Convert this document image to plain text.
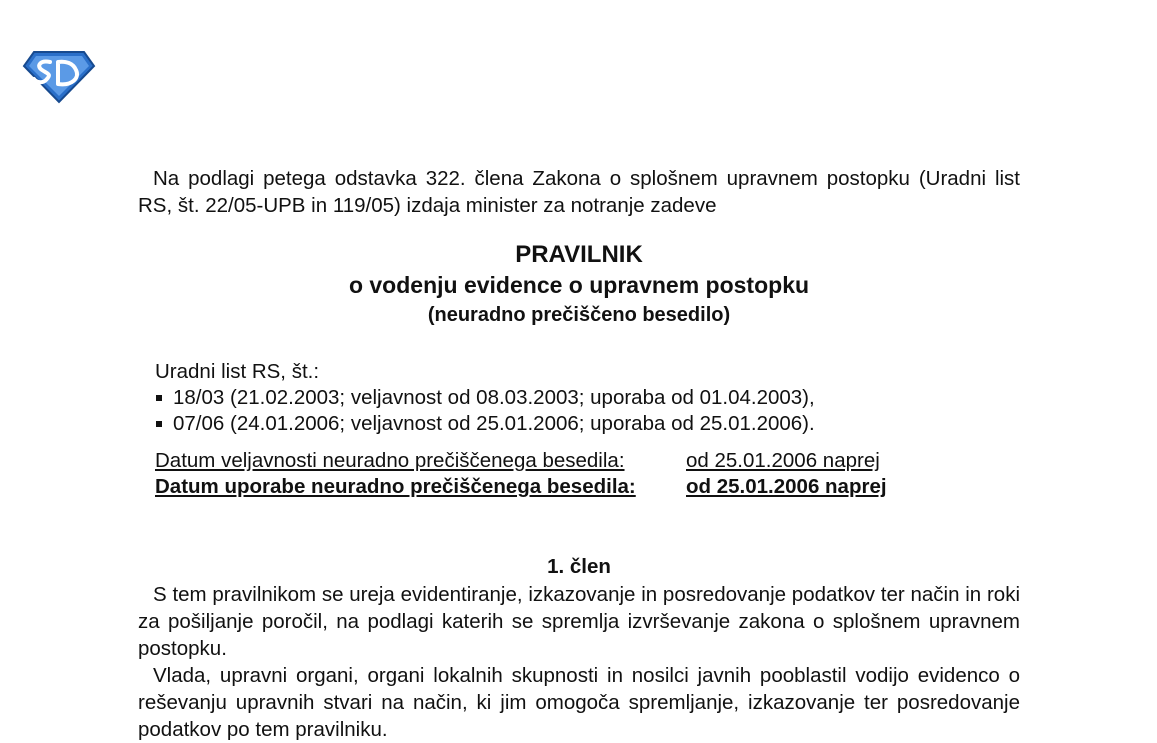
Na podlagi petega odstavka 322. člena Zakona o splošnem upravnem postopku (Uradni list RS, št. 22/05-UPB in 119/05) izdaja minister za notranje zadeve

PRAVILNIK
o vodenju evidence o upravnem postopku
(neuradno prečiščeno besedilo)
Uradni list RS, št.:
18/03 (21.02.2003; veljavnost od 08.03.2003; uporaba od 01.04.2003),
07/06 (24.01.2006; veljavnost od 25.01.2006; uporaba od 25.01.2006).
Datum veljavnosti neuradno prečiščenega besedila:	od 25.01.2006 naprej
Datum uporabe neuradno prečiščenega besedila:	od 25.01.2006 naprej
1. člen

S tem pravilnikom se ureja evidentiranje, izkazovanje in posredovanje podatkov ter način in roki za pošiljanje poročil, na podlagi katerih se spremlja izvrševanje zakona o splošnem upravnem postopku.

Vlada, upravni organi, organi lokalnih skupnosti in nosilci javnih pooblastil vodijo evidenco o reševanju upravnih stvari na način, ki jim omogoča spremljanje, izkazovanje ter posredovanje podatkov po tem pravilniku.
